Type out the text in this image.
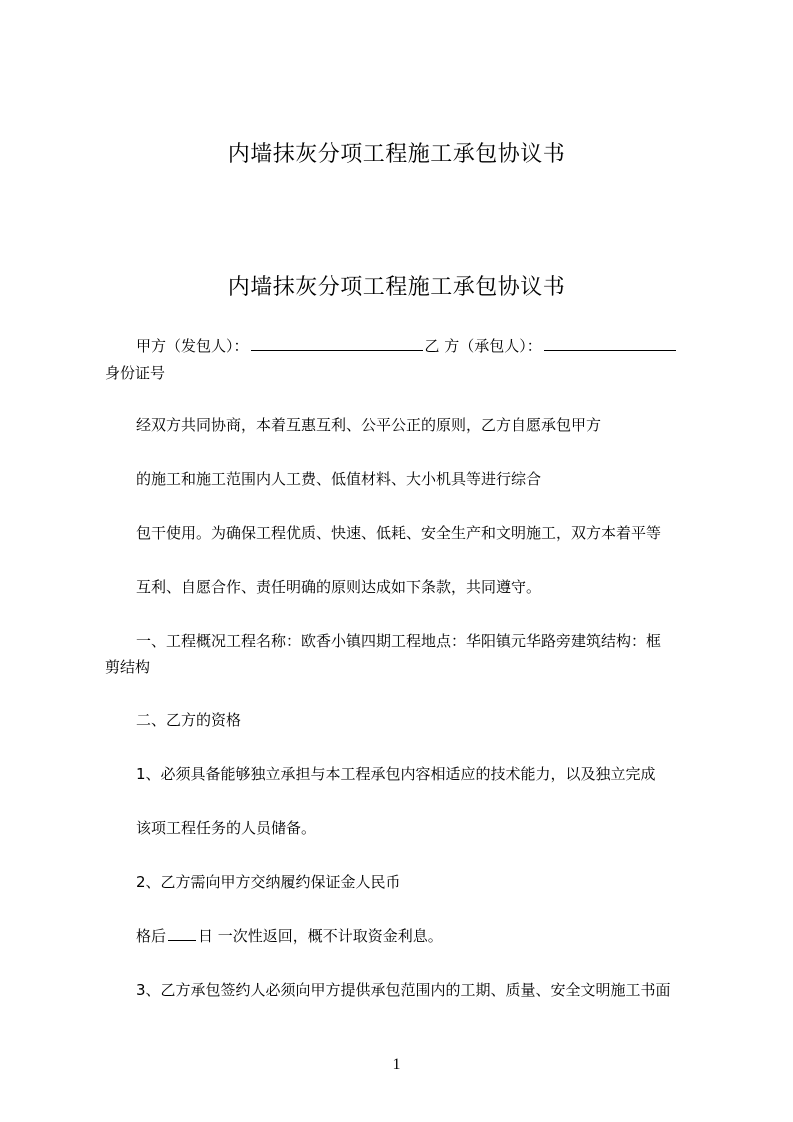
内墙抹灰分项工程施工承包协议书
内墙抹灰分项工程施工承包协议书
甲方（发包人）：	乙 方（承包人）：
身份证号
经双方共同协商，本着互惠互利、公平公正的原则，乙方自愿承包甲方
的施工和施工范围内人工费、低值材料、大小机具等进行综合
包干使用。为确保工程优质、快速、低耗、安全生产和文明施工，双方本着平等
互利、自愿合作、责任明确的原则达成如下条款，共同遵守。
一、工程概况工程名称：欧香小镇四期工程地点：华阳镇元华路旁建筑结构：框
剪结构
二、乙方的资格
1、必须具备能够独立承担与本工程承包内容相适应的技术能力，以及独立完成
该项工程任务的人员储备。
2、乙方需向甲方交纳履约保证金人民币
格后 日 一次性返回，概不计取资金利息。
3、乙方承包签约人必须向甲方提供承包范围内的工期、质量、安全文明施工书面
1
